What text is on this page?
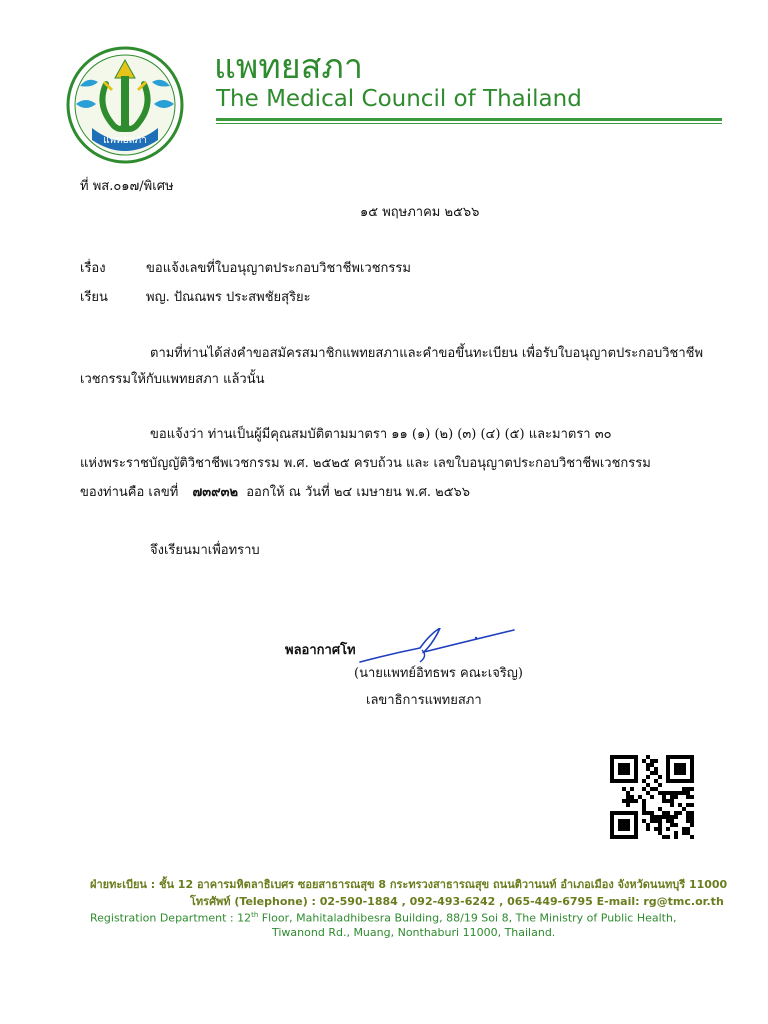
แพทยสภา
แพทยสภา
The Medical Council of Thailand
ที่ พส.๐๑๗/พิเศษ
๑๕ พฤษภาคม ๒๕๖๖
เรื่อง	ขอแจ้งเลขที่ใบอนุญาตประกอบวิชาชีพเวชกรรม
เรียน	พญ. ปัณณพร ประสพชัยสุริยะ
ตามที่ท่านได้ส่งคำขอสมัครสมาชิกแพทยสภาและคำขอขึ้นทะเบียน เพื่อรับใบอนุญาตประกอบวิชาชีพ
เวชกรรมให้กับแพทยสภา แล้วนั้น
ขอแจ้งว่า ท่านเป็นผู้มีคุณสมบัติตามมาตรา ๑๑ (๑) (๒) (๓) (๔) (๕) และมาตรา ๓๐
แห่งพระราชบัญญัติวิชาชีพเวชกรรม พ.ศ. ๒๕๒๕ ครบถ้วน และ เลขใบอนุญาตประกอบวิชาชีพเวชกรรม
ของท่านคือ เลขที่ ๗๓๙๓๒ ออกให้ ณ วันที่ ๒๔ เมษายน พ.ศ. ๒๕๖๖
จึงเรียนมาเพื่อทราบ
พลอากาศโท
(นายแพทย์อิทธพร คณะเจริญ)
เลขาธิการแพทยสภา
ฝ่ายทะเบียน : ชั้น 12 อาคารมหิตลาธิเบศร ซอยสาธารณสุข 8 กระทรวงสาธารณสุข ถนนติวานนท์ อำเภอเมือง จังหวัดนนทบุรี 11000
โทรศัพท์ (Telephone) : 02-590-1884 , 092-493-6242 , 065-449-6795 E-mail: rg@tmc.or.th
Registration Department : 12th Floor, Mahitaladhibesra Building, 88/19 Soi 8, The Ministry of Public Health,
Tiwanond Rd., Muang, Nonthaburi 11000, Thailand.
